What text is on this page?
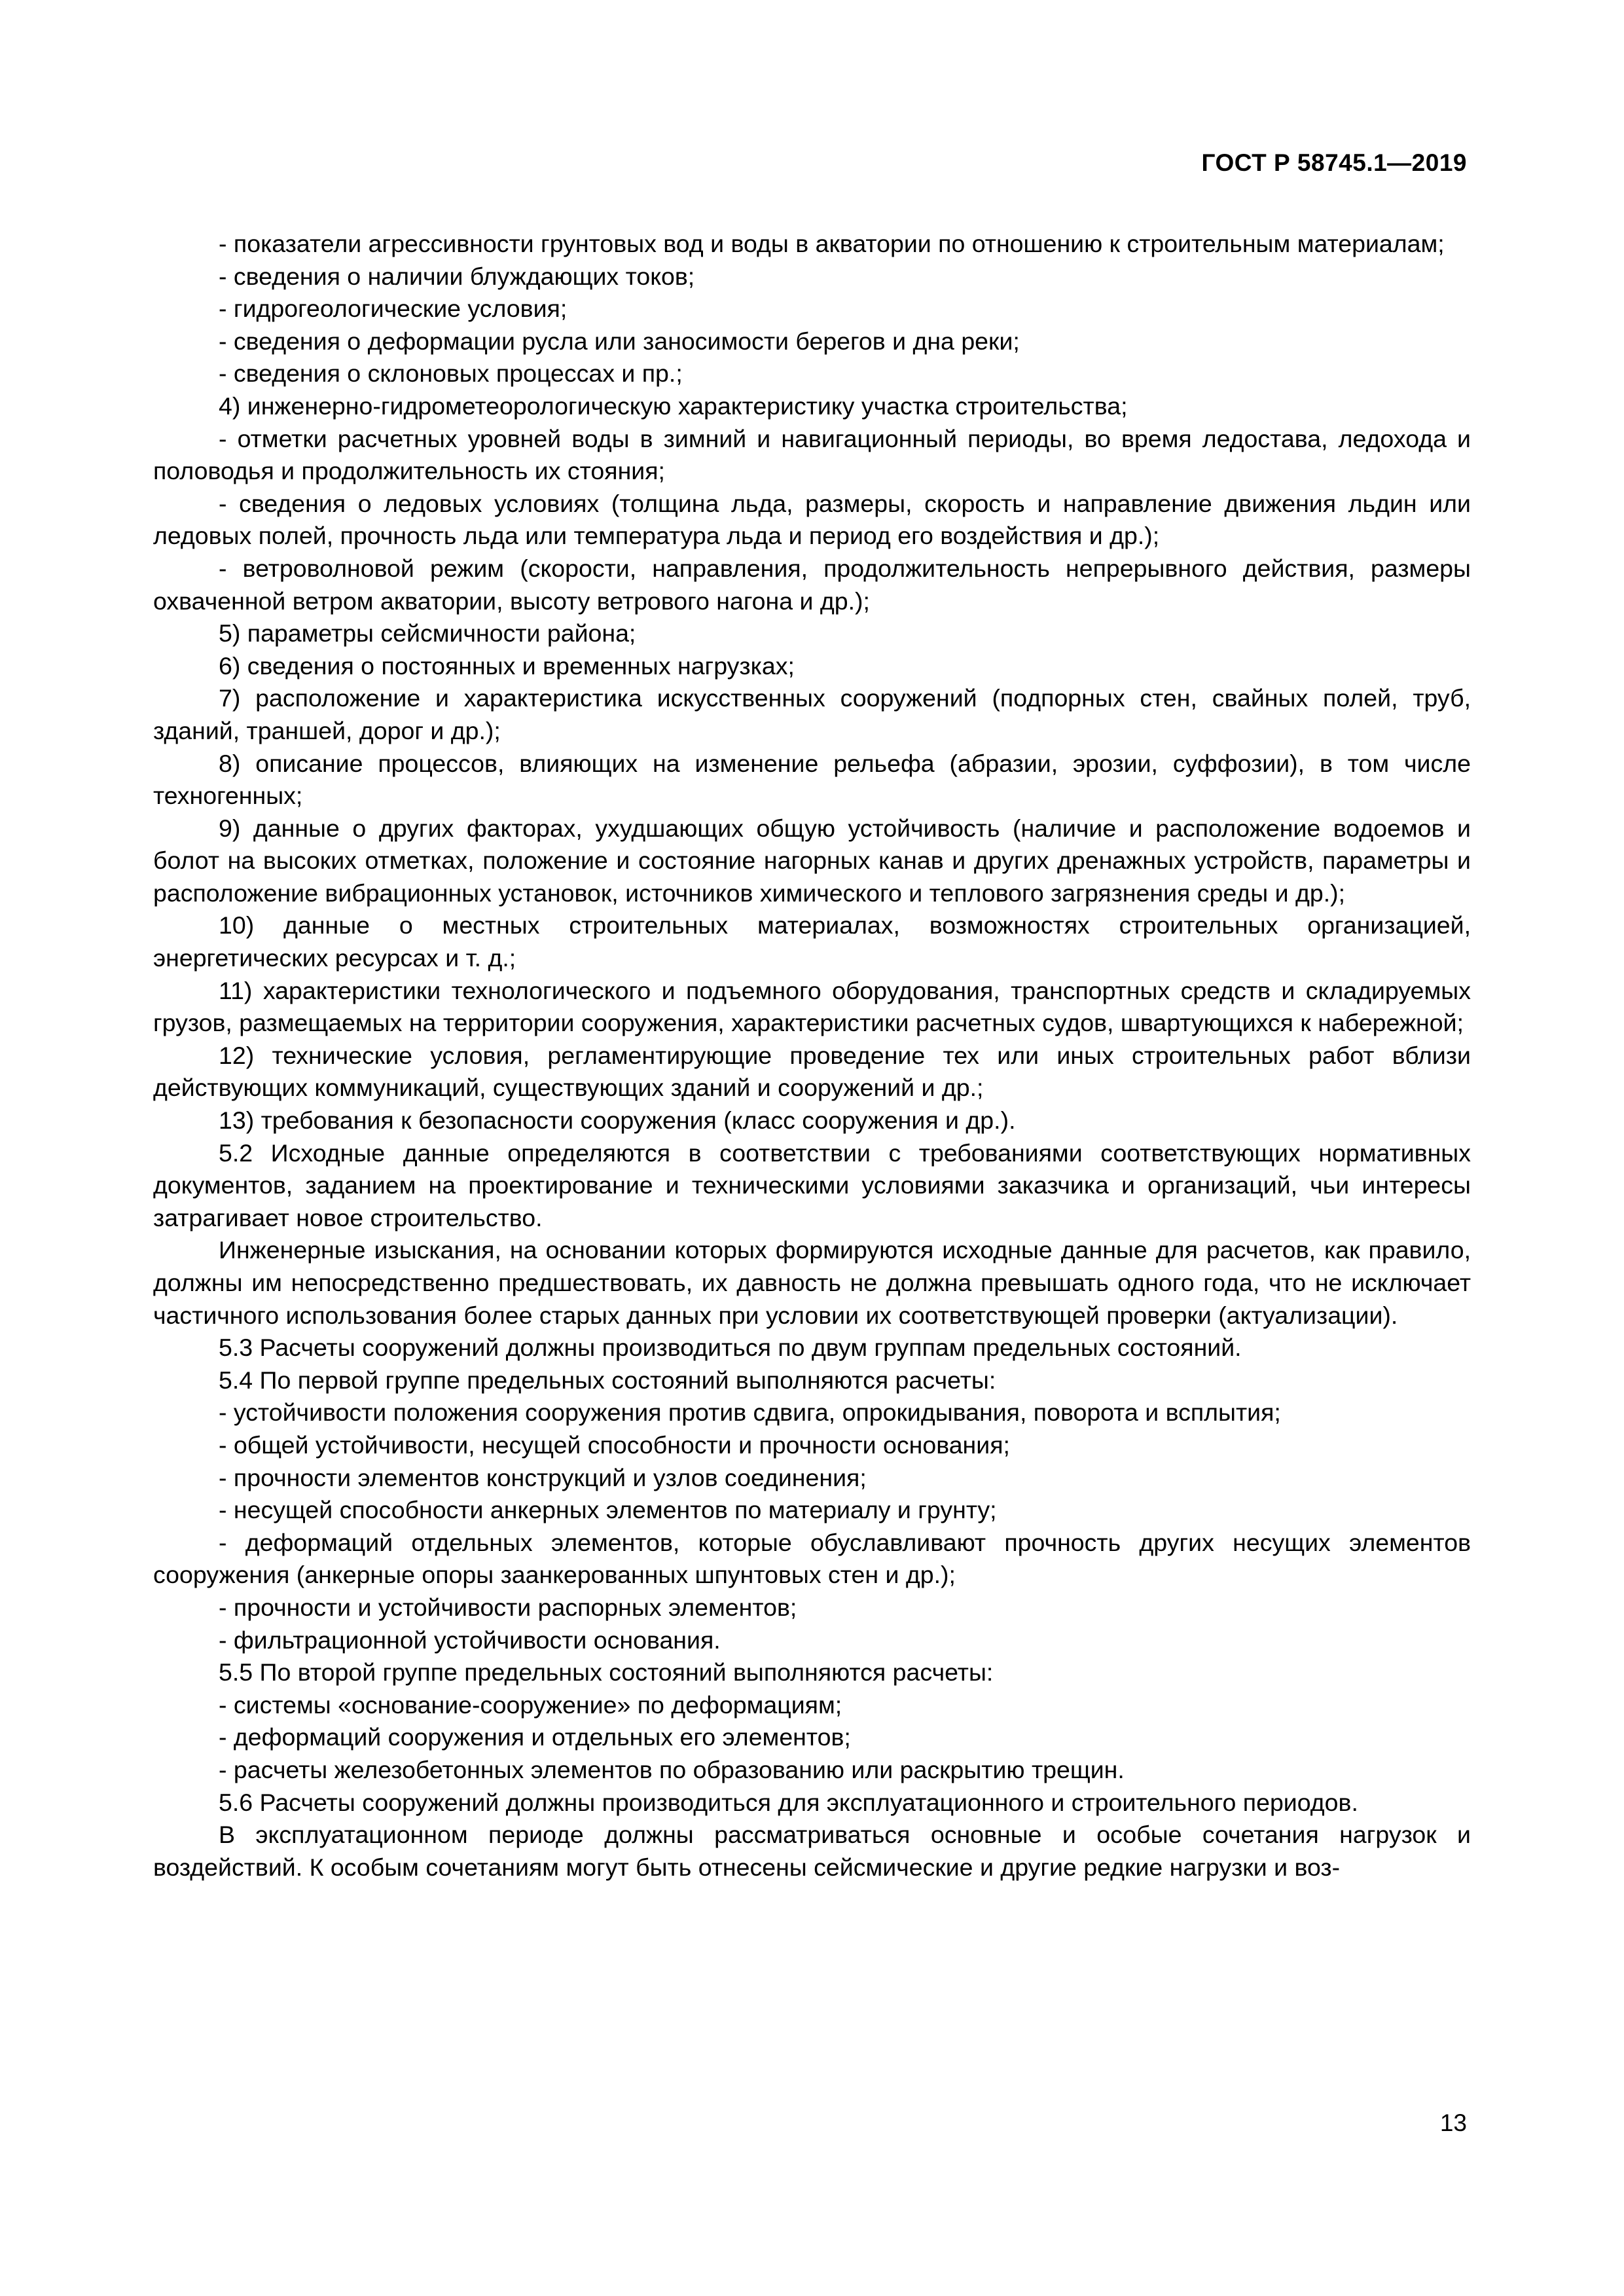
ГОСТ Р 58745.1—2019

- показатели агрессивности грунтовых вод и воды в акватории по отношению к строительным материалам;

- сведения о наличии блуждающих токов;

- гидрогеологические условия;

- сведения о деформации русла или заносимости берегов и дна реки;

- сведения о склоновых процессах и пр.;

4) инженерно-гидрометеорологическую характеристику участка строительства;

- отметки расчетных уровней воды в зимний и навигационный периоды, во время ледостава, ледохода и половодья и продолжительность их стояния;

- сведения о ледовых условиях (толщина льда, размеры, скорость и направление движения льдин или ледовых полей, прочность льда или температура льда и период его воздействия и др.);

- ветроволновой режим (скорости, направления, продолжительность непрерывного действия, размеры охваченной ветром акватории, высоту ветрового нагона и др.);

5) параметры сейсмичности района;

6) сведения о постоянных и временных нагрузках;

7) расположение и характеристика искусственных сооружений (подпорных стен, свайных полей, труб, зданий, траншей, дорог и др.);

8) описание процессов, влияющих на изменение рельефа (абразии, эрозии, суффозии), в том числе техногенных;

9) данные о других факторах, ухудшающих общую устойчивость (наличие и расположение водоемов и болот на высоких отметках, положение и состояние нагорных канав и других дренажных устройств, параметры и расположение вибрационных установок, источников химического и теплового загрязнения среды и др.);

10) данные о местных строительных материалах, возможностях строительных организацией, энергетических ресурсах и т. д.;

11) характеристики технологического и подъемного оборудования, транспортных средств и складируемых грузов, размещаемых на территории сооружения, характеристики расчетных судов, швартующихся к набережной;

12) технические условия, регламентирующие проведение тех или иных строительных работ вблизи действующих коммуникаций, существующих зданий и сооружений и др.;

13) требования к безопасности сооружения (класс сооружения и др.).

5.2 Исходные данные определяются в соответствии с требованиями соответствующих нормативных документов, заданием на проектирование и техническими условиями заказчика и организаций, чьи интересы затрагивает новое строительство.

Инженерные изыскания, на основании которых формируются исходные данные для расчетов, как правило, должны им непосредственно предшествовать, их давность не должна превышать одного года, что не исключает частичного использования более старых данных при условии их соответствующей проверки (актуализации).

5.3 Расчеты сооружений должны производиться по двум группам предельных состояний.

5.4 По первой группе предельных состояний выполняются расчеты:

- устойчивости положения сооружения против сдвига, опрокидывания, поворота и всплытия;

- общей устойчивости, несущей способности и прочности основания;

- прочности элементов конструкций и узлов соединения;

- несущей способности анкерных элементов по материалу и грунту;

- деформаций отдельных элементов, которые обуславливают прочность других несущих элементов сооружения (анкерные опоры заанкерованных шпунтовых стен и др.);

- прочности и устойчивости распорных элементов;

- фильтрационной устойчивости основания.

5.5 По второй группе предельных состояний выполняются расчеты:

- системы «основание-сооружение» по деформациям;

- деформаций сооружения и отдельных его элементов;

- расчеты железобетонных элементов по образованию или раскрытию трещин.

5.6 Расчеты сооружений должны производиться для эксплуатационного и строительного периодов.

В эксплуатационном периоде должны рассматриваться основные и особые сочетания нагрузок и воздействий. К особым сочетаниям могут быть отнесены сейсмические и другие редкие нагрузки и воз-

13
